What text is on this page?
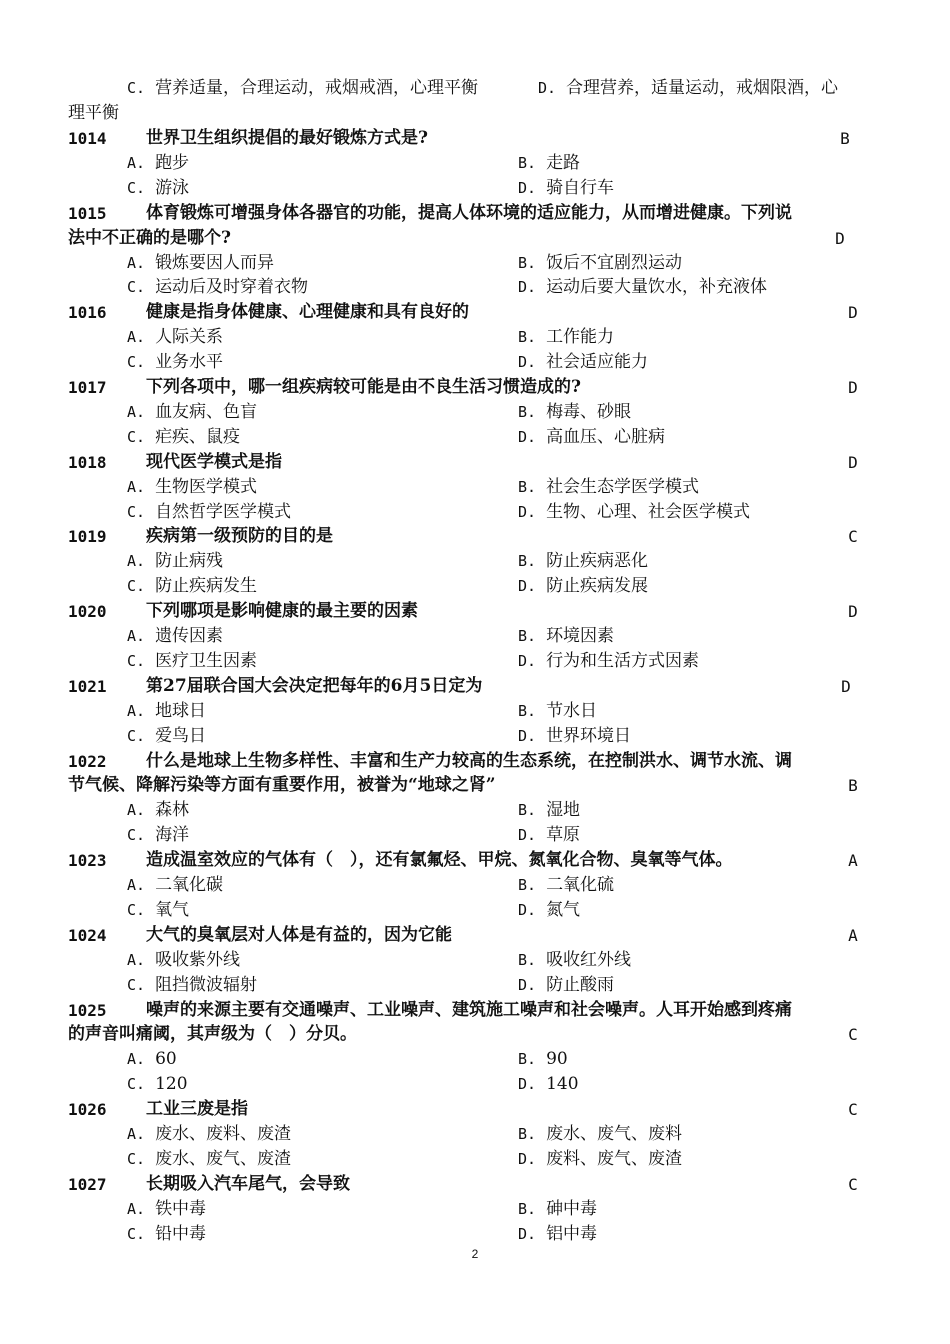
C. 营养适量，合理运动，戒烟戒酒，心理平衡	D. 合理营养，适量运动，戒烟限酒，心
理平衡
1014	世界卫生组织提倡的最好锻炼方式是?	B
A. 跑步	B. 走路
C. 游泳	D. 骑自行车
1015	体育锻炼可增强身体各器官的功能，提高人体环境的适应能力，从而增进健康。下列说
法中不正确的是哪个?	D
A. 锻炼要因人而异	B. 饭后不宜剧烈运动
C. 运动后及时穿着衣物	D. 运动后要大量饮水，补充液体
1016	健康是指身体健康、心理健康和具有良好的	D
A. 人际关系	B. 工作能力
C. 业务水平	D. 社会适应能力
1017	下列各项中，哪一组疾病较可能是由不良生活习惯造成的?	D
A. 血友病、色盲	B. 梅毒、砂眼
C. 疟疾、鼠疫	D. 高血压、心脏病
1018	现代医学模式是指	D
A. 生物医学模式	B. 社会生态学医学模式
C. 自然哲学医学模式	D. 生物、心理、社会医学模式
1019	疾病第一级预防的目的是	C
A. 防止病残	B. 防止疾病恶化
C. 防止疾病发生	D. 防止疾病发展
1020	下列哪项是影响健康的最主要的因素	D
A. 遗传因素	B. 环境因素
C. 医疗卫生因素	D. 行为和生活方式因素
1021	第27届联合国大会决定把每年的6月5日定为	D
A. 地球日	B. 节水日
C. 爱鸟日	D. 世界环境日
1022	什么是地球上生物多样性、丰富和生产力较高的生态系统，在控制洪水、调节水流、调
节气候、降解污染等方面有重要作用，被誉为“地球之肾”	B
A. 森林	B. 湿地
C. 海洋	D. 草原
1023	造成温室效应的气体有（　），还有氯氟烃、甲烷、氮氧化合物、臭氧等气体。	A
A. 二氧化碳	B. 二氧化硫
C. 氧气	D. 氮气
1024	大气的臭氧层对人体是有益的，因为它能	A
A. 吸收紫外线	B. 吸收红外线
C. 阻挡微波辐射	D. 防止酸雨
1025	噪声的来源主要有交通噪声、工业噪声、建筑施工噪声和社会噪声。人耳开始感到疼痛
的声音叫痛阈，其声级为（　）分贝。	C
A. 60	B. 90
C. 120	D. 140
1026	工业三废是指	C
A. 废水、废料、废渣	B. 废水、废气、废料
C. 废水、废气、废渣	D. 废料、废气、废渣
1027	长期吸入汽车尾气，会导致	C
A. 铁中毒	B. 砷中毒
C. 铅中毒	D. 铝中毒
2
